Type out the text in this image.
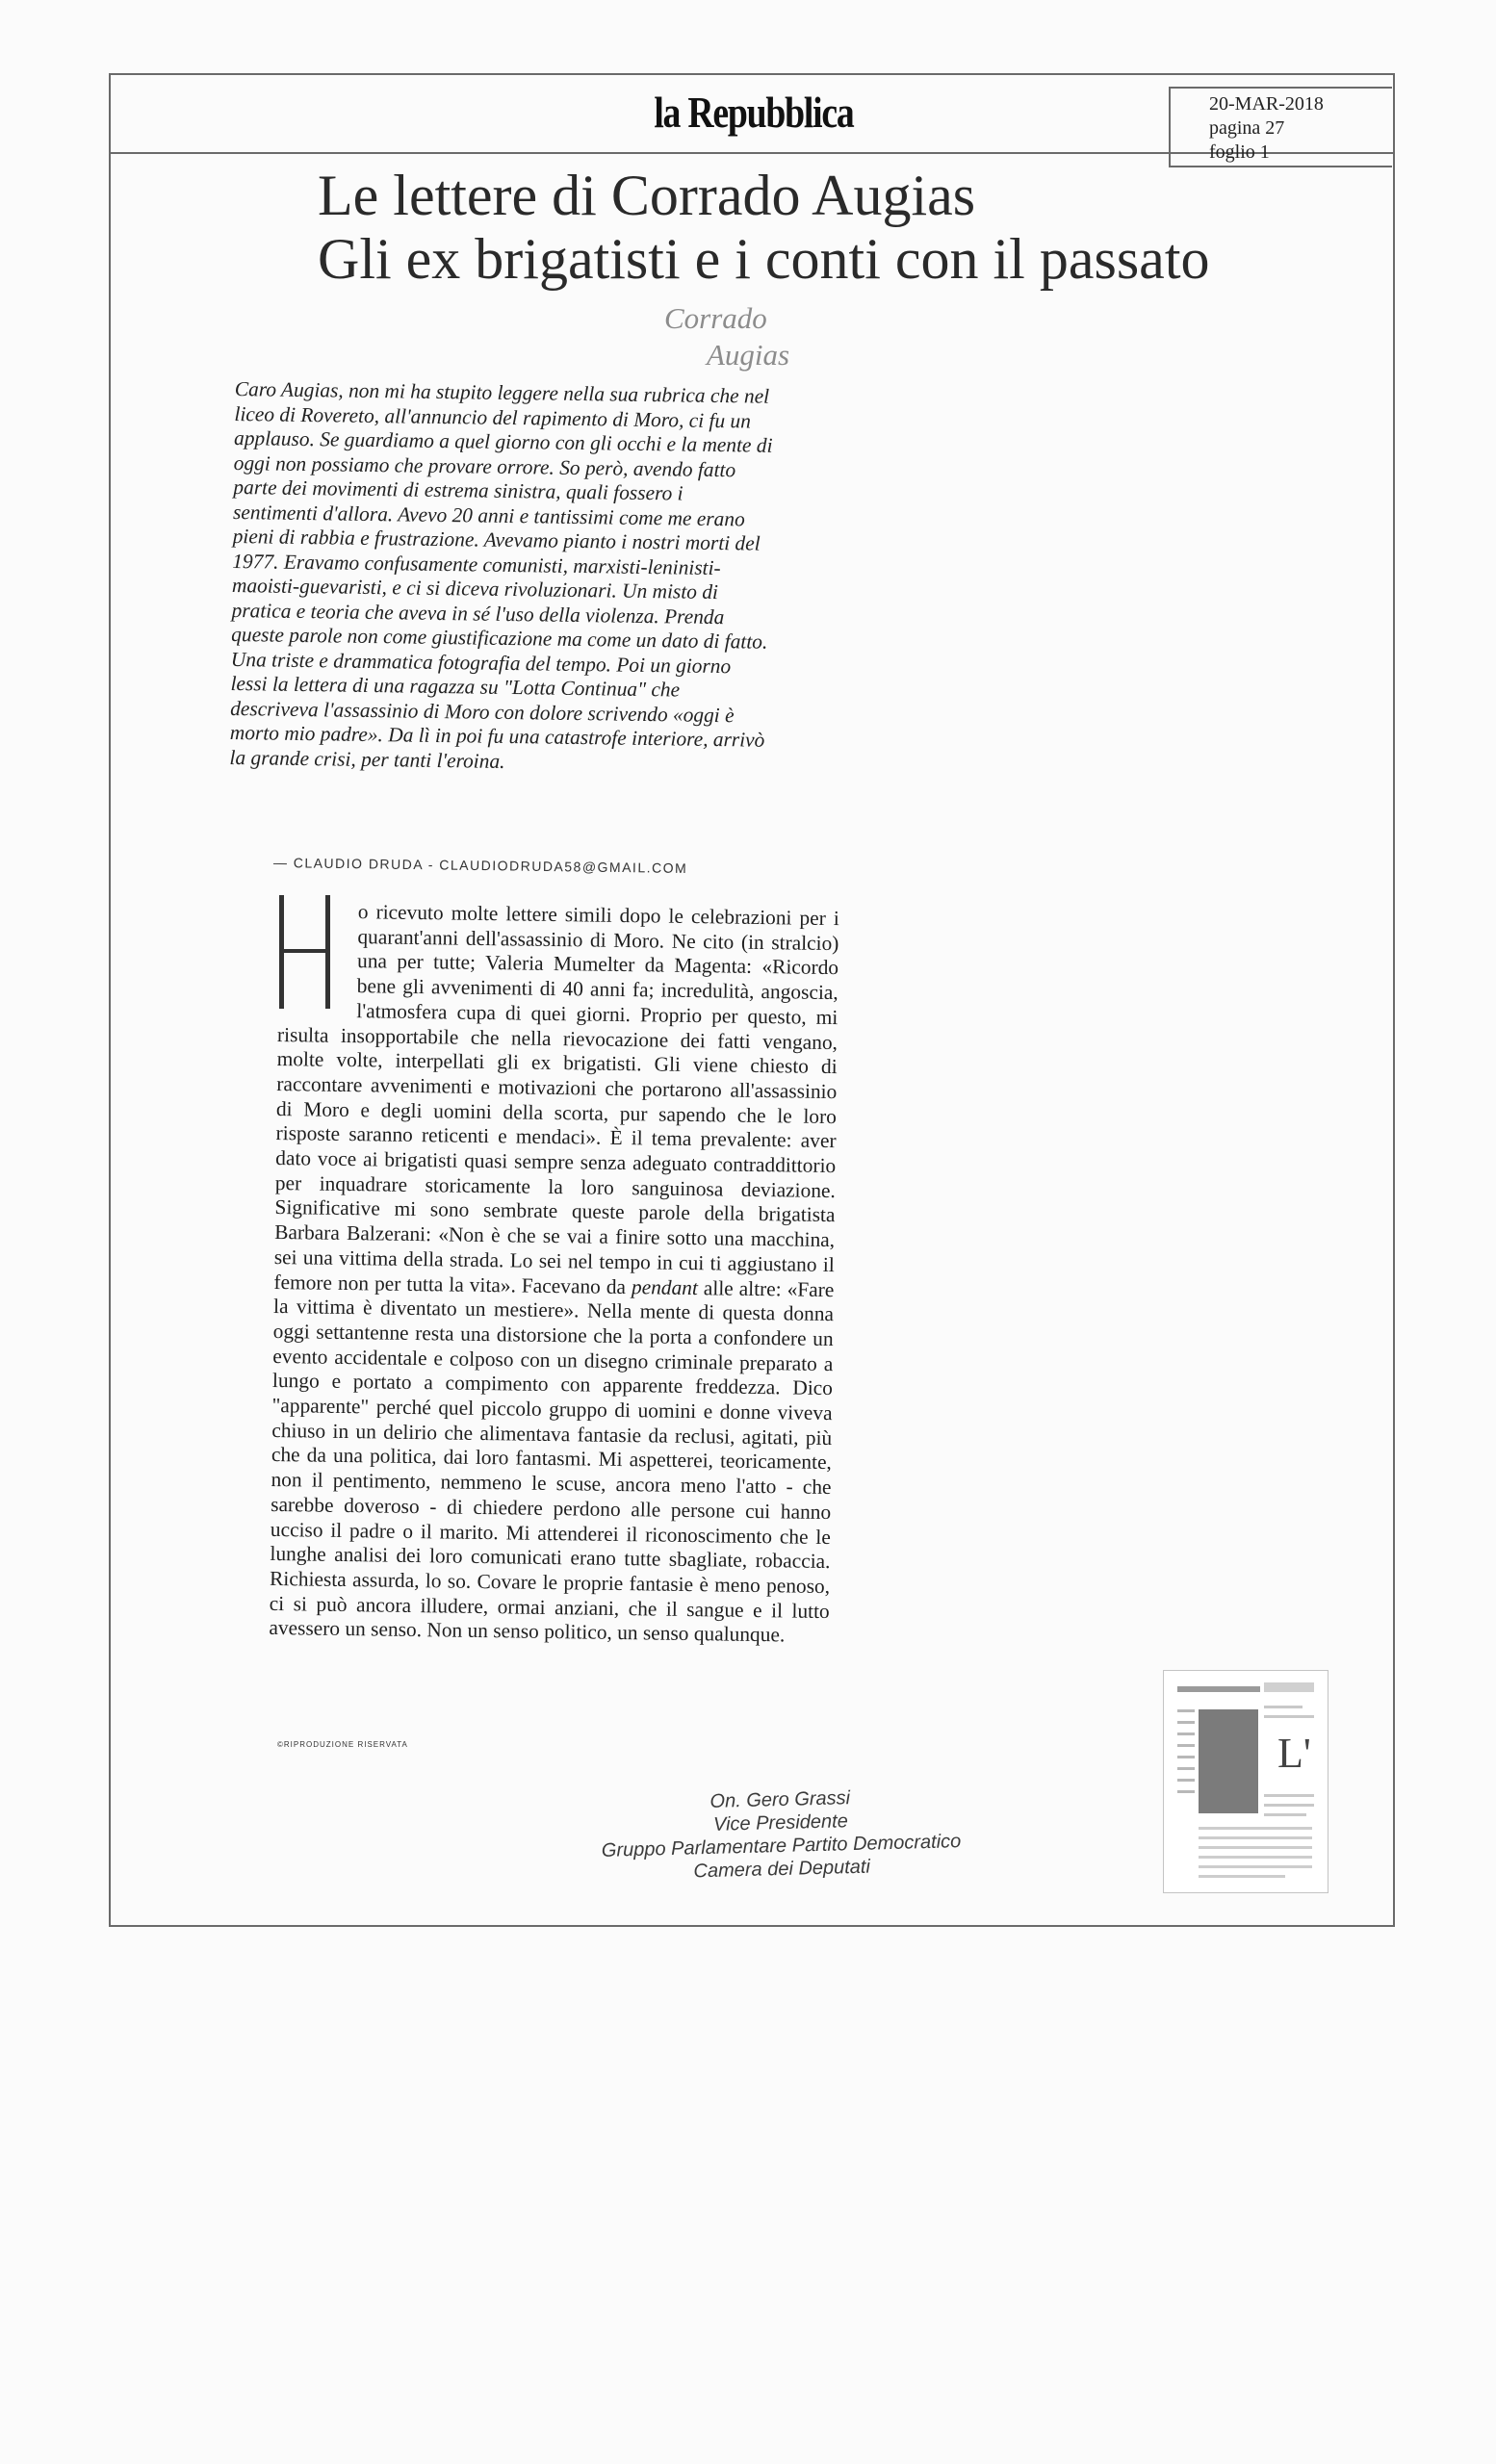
la Repubblica	20-MAR-2018
pagina 27
foglio 1
Le lettere di Corrado Augias
Gli ex brigatisti e i conti con il passato
Corrado
Augias

Caro Augias, non mi ha stupito leggere nella sua rubrica che nel liceo di Rovereto, all'annuncio del rapimento di Moro, ci fu un applauso. Se guardiamo a quel giorno con gli occhi e la mente di oggi non possiamo che provare orrore. So però, avendo fatto parte dei movimenti di estrema sinistra, quali fossero i sentimenti d'allora. Avevo 20 anni e tantissimi come me erano pieni di rabbia e frustrazione. Avevamo pianto i nostri morti del 1977. Eravamo confusamente comunisti, marxisti-leninisti-maoisti-guevaristi, e ci si diceva rivoluzionari. Un misto di pratica e teoria che aveva in sé l'uso della violenza. Prenda queste parole non come giustificazione ma come un dato di fatto. Una triste e drammatica fotografia del tempo. Poi un giorno lessi la lettera di una ragazza su "Lotta Continua" che descriveva l'assassinio di Moro con dolore scrivendo «oggi è morto mio padre». Da lì in poi fu una catastrofe interiore, arrivò la grande crisi, per tanti l'eroina.

— CLAUDIO DRUDA - CLAUDIODRUDA58@GMAIL.COM

o ricevuto molte lettere simili dopo le celebrazioni per i quarant'anni dell'assassinio di Moro. Ne cito (in stralcio) una per tutte; Valeria Mumelter da Magenta: «Ricordo bene gli avvenimenti di 40 anni fa; incredulità, angoscia, l'atmosfera cupa di quei giorni. Proprio per questo, mi risulta insopportabile che nella rievocazione dei fatti vengano, molte volte, interpellati gli ex brigatisti. Gli viene chiesto di raccontare avvenimenti e motivazioni che portarono all'assassinio di Moro e degli uomini della scorta, pur sapendo che le loro risposte saranno reticenti e mendaci». È il tema prevalente: aver dato voce ai brigatisti quasi sempre senza adeguato contraddittorio per inquadrare storicamente la loro sanguinosa deviazione. Significative mi sono sembrate queste parole della brigatista Barbara Balzerani: «Non è che se vai a finire sotto una macchina, sei una vittima della strada. Lo sei nel tempo in cui ti aggiustano il femore non per tutta la vita». Facevano da pendant alle altre: «Fare la vittima è diventato un mestiere». Nella mente di questa donna oggi settantenne resta una distorsione che la porta a confondere un evento accidentale e colposo con un disegno criminale preparato a lungo e portato a compimento con apparente freddezza. Dico "apparente" perché quel piccolo gruppo di uomini e donne viveva chiuso in un delirio che alimentava fantasie da reclusi, agitati, più che da una politica, dai loro fantasmi. Mi aspetterei, teoricamente, non il pentimento, nemmeno le scuse, ancora meno l'atto - che sarebbe doveroso - di chiedere perdono alle persone cui hanno ucciso il padre o il marito. Mi attenderei il riconoscimento che le lunghe analisi dei loro comunicati erano tutte sbagliate, robaccia. Richiesta assurda, lo so. Covare le proprie fantasie è meno penoso, ci si può ancora illudere, ormai anziani, che il sangue e il lutto avessero un senso. Non un senso politico, un senso qualunque.

©RIPRODUZIONE RISERVATA
On. Gero Grassi
Vice Presidente
Gruppo Parlamentare Partito Democratico
Camera dei Deputati
L'
